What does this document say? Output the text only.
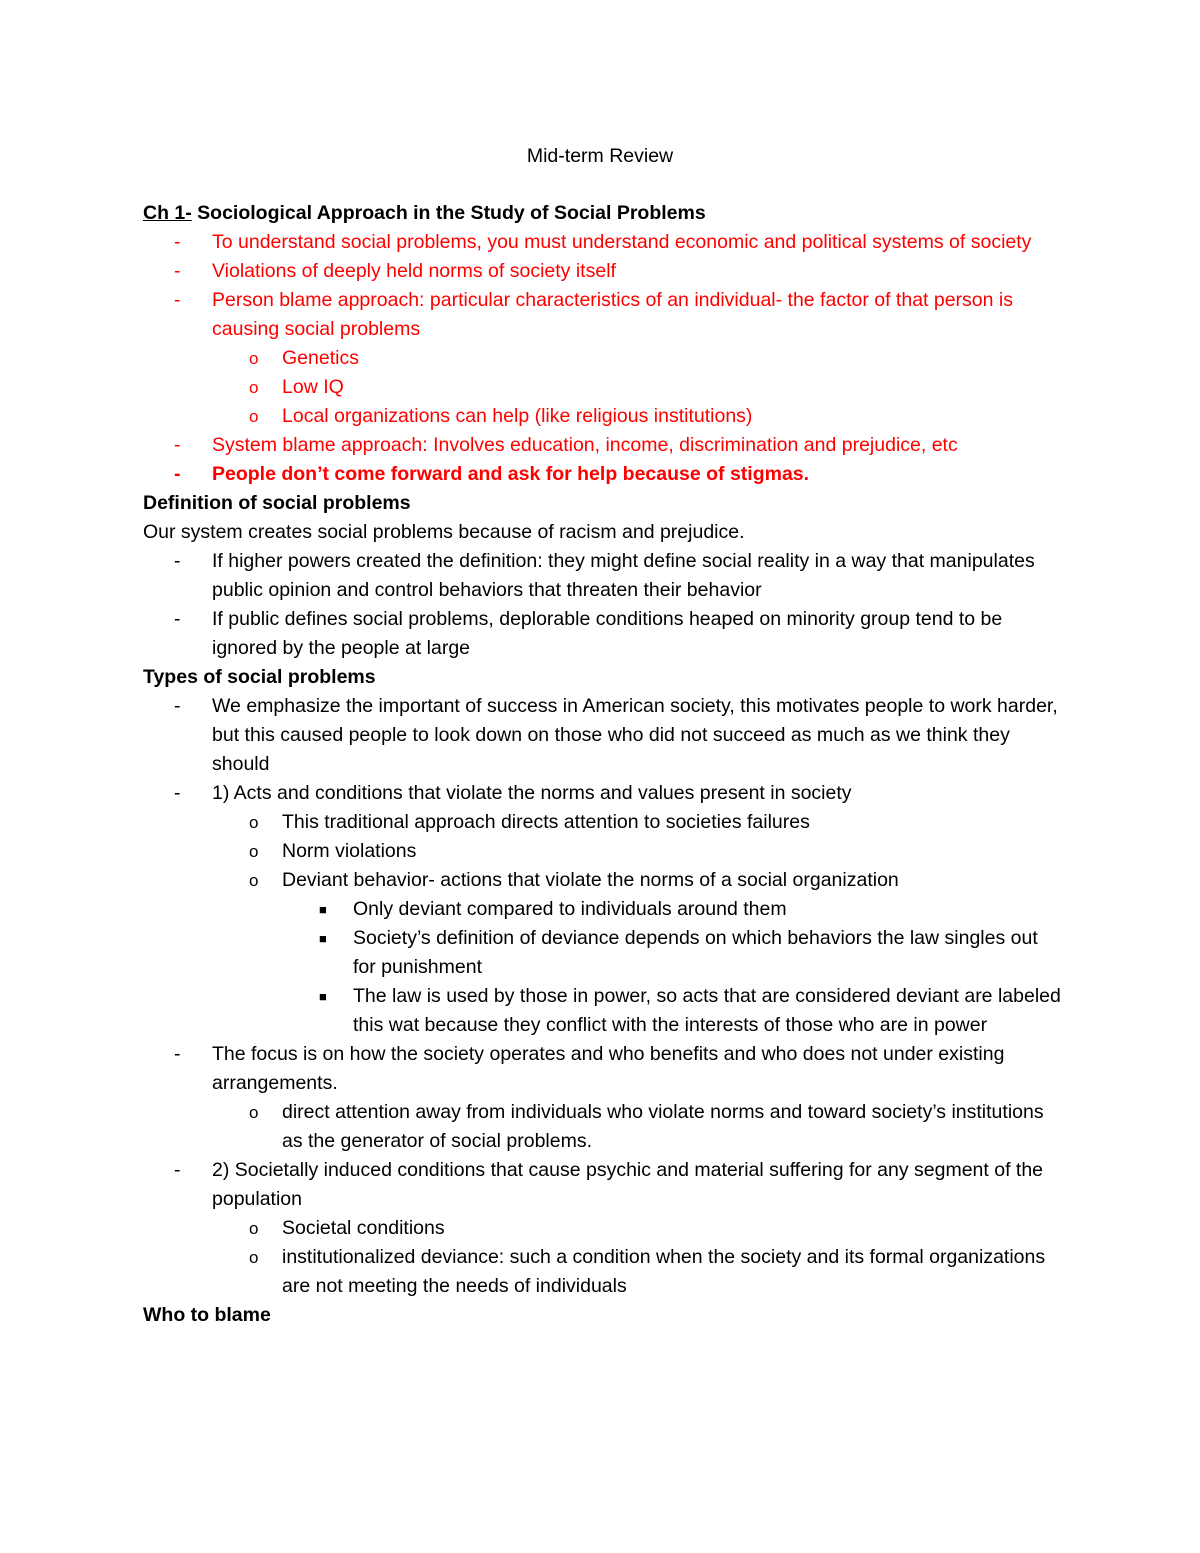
Mid-term Review
Ch 1- Sociological Approach in the Study of Social Problems
- To understand social problems, you must understand economic and political systems of society
- Violations of deeply held norms of society itself
- Person blame approach: particular characteristics of an individual- the factor of that person is causing social problems
o Genetics
o Low IQ
o Local organizations can help (like religious institutions)
- System blame approach: Involves education, income, discrimination and prejudice, etc
- People don’t come forward and ask for help because of stigmas.
Definition of social problems
Our system creates social problems because of racism and prejudice.
- If higher powers created the definition: they might define social reality in a way that manipulates public opinion and control behaviors that threaten their behavior
- If public defines social problems, deplorable conditions heaped on minority group tend to be ignored by the people at large
Types of social problems
- We emphasize the important of success in American society, this motivates people to work harder, but this caused people to look down on those who did not succeed as much as we think they should
- 1) Acts and conditions that violate the norms and values present in society
o This traditional approach directs attention to societies failures
o Norm violations
o Deviant behavior- actions that violate the norms of a social organization
■ Only deviant compared to individuals around them
■ Society’s definition of deviance depends on which behaviors the law singles out for punishment
■ The law is used by those in power, so acts that are considered deviant are labeled this wat because they conflict with the interests of those who are in power
- The focus is on how the society operates and who benefits and who does not under existing arrangements.
o direct attention away from individuals who violate norms and toward society’s institutions as the generator of social problems.
- 2) Societally induced conditions that cause psychic and material suffering for any segment of the population
o Societal conditions
o institutionalized deviance: such a condition when the society and its formal organizations are not meeting the needs of individuals
Who to blame
